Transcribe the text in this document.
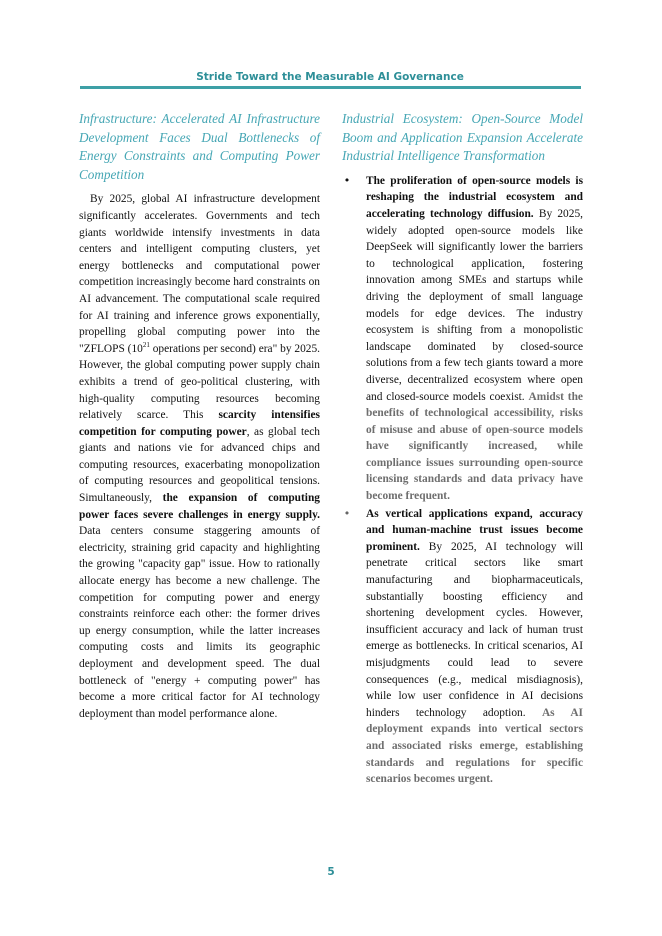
Stride Toward the Measurable AI Governance

Infrastructure: Accelerated AI Infrastructure Development Faces Dual Bottlenecks of Energy Constraints and Computing Power Competition

By 2025, global AI infrastructure development significantly accelerates. Governments and tech giants worldwide intensify investments in data centers and intelligent computing clusters, yet energy bottlenecks and computational power competition increasingly become hard constraints on AI advancement. The computational scale required for AI training and inference grows exponentially, propelling global computing power into the "ZFLOPS ($10^{21}$ operations per second) era" by 2025. However, the global computing power supply chain exhibits a trend of geo-political clustering, with high-quality computing resources becoming relatively scarce. This scarcity intensifies competition for computing power, as global tech giants and nations vie for advanced chips and computing resources, exacerbating monopolization of computing resources and geopolitical tensions. Simultaneously, the expansion of computing power faces severe challenges in energy supply. Data centers consume staggering amounts of electricity, straining grid capacity and highlighting the growing "capacity gap" issue. How to rationally allocate energy has become a new challenge. The competition for computing power and energy constraints reinforce each other: the former drives up energy consumption, while the latter increases computing costs and limits its geographic deployment and development speed. The dual bottleneck of "energy + computing power" has become a more critical factor for AI technology deployment than model performance alone.

Industrial Ecosystem: Open-Source Model Boom and Application Expansion Accelerate Industrial Intelligence Transformation

• The proliferation of open-source models is reshaping the industrial ecosystem and accelerating technology diffusion. By 2025, widely adopted open-source models like DeepSeek will significantly lower the barriers to technological application, fostering innovation among SMEs and startups while driving the deployment of small language models for edge devices. The industry ecosystem is shifting from a monopolistic landscape dominated by closed-source solutions from a few tech giants toward a more diverse, decentralized ecosystem where open and closed-source models coexist. Amidst the benefits of technological accessibility, risks of misuse and abuse of open-source models have significantly increased, while compliance issues surrounding open-source licensing standards and data privacy have become frequent.

• As vertical applications expand, accuracy and human-machine trust issues become prominent. By 2025, AI technology will penetrate critical sectors like smart manufacturing and biopharmaceuticals, substantially boosting efficiency and shortening development cycles. However, insufficient accuracy and lack of human trust emerge as bottlenecks. In critical scenarios, AI misjudgments could lead to severe consequences (e.g., medical misdiagnosis), while low user confidence in AI decisions hinders technology adoption. As AI deployment expands into vertical sectors and associated risks emerge, establishing standards and regulations for specific scenarios becomes urgent.

5
